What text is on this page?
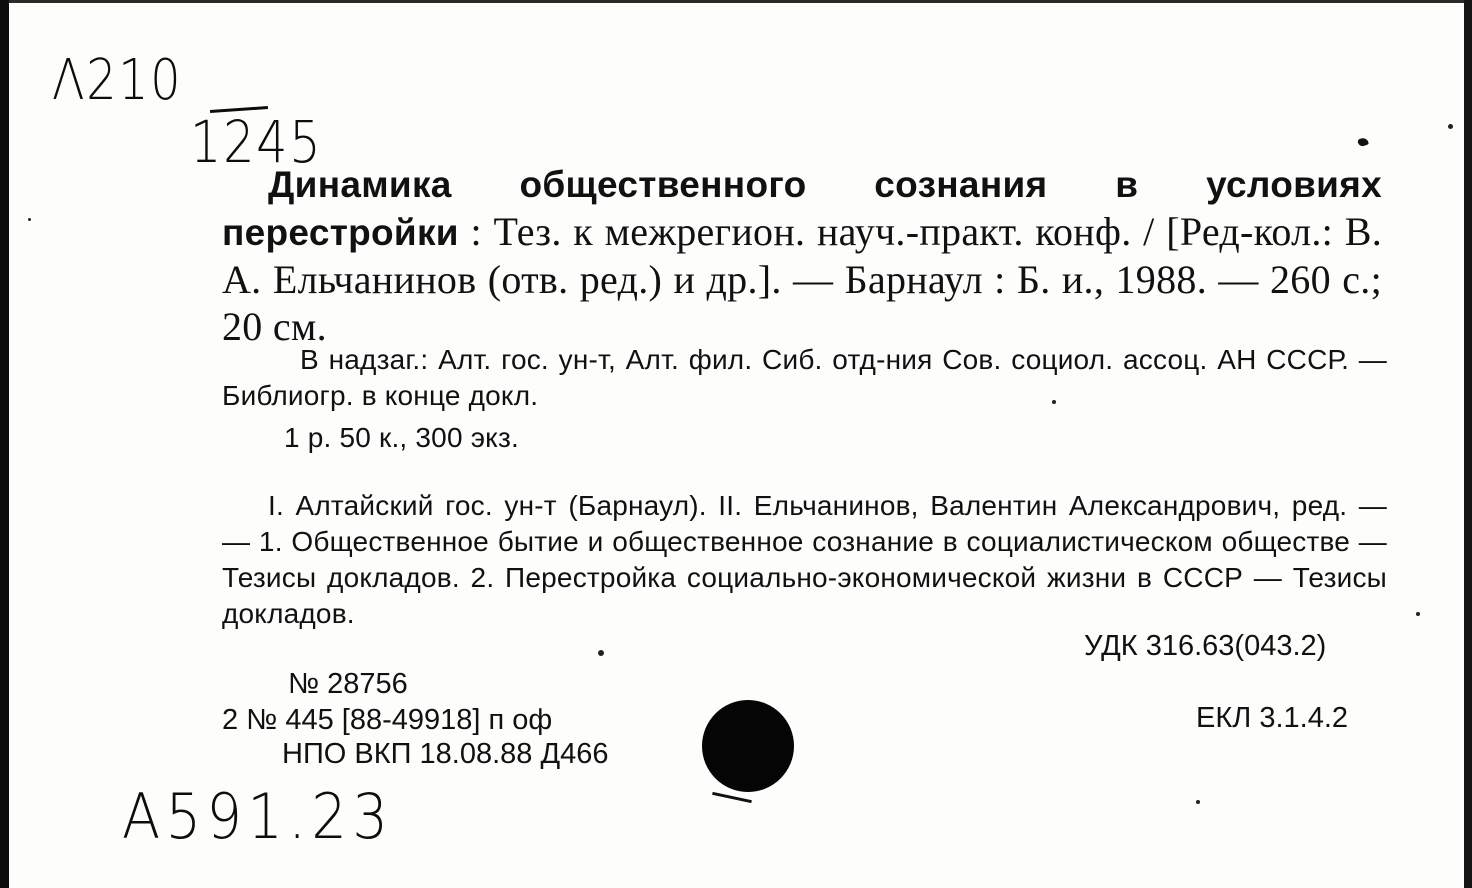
Λ210
1245
Динамика общественного сознания в условиях перестройки : Тез. к межрегион. науч.-практ. конф. / [Ред-кол.: В. А. Ельчанинов (отв. ред.) и др.]. — Барнаул : Б. и., 1988. — 260 с.; 20 см.
В надзаг.: Алт. гос. ун-т, Алт. фил. Сиб. отд-ния Сов. социол. ассоц. АН СССР. — Библиогр. в конце докл.
1 р. 50 к., 300 экз.
I. Алтайский гос. ун-т (Барнаул). II. Ельчанинов, Валентин Александрович, ред. — — 1. Общественное бытие и общественное сознание в социалистическом обществе — Тезисы докладов. 2. Перестройка социально-экономической жизни в СССР — Тезисы докладов.
УДК 316.63(043.2)
№ 28756
2 № 445 [88-49918] п оф	ЕКЛ 3.1.4.2
НПО ВКП 18.08.88 Д466
A591.23
